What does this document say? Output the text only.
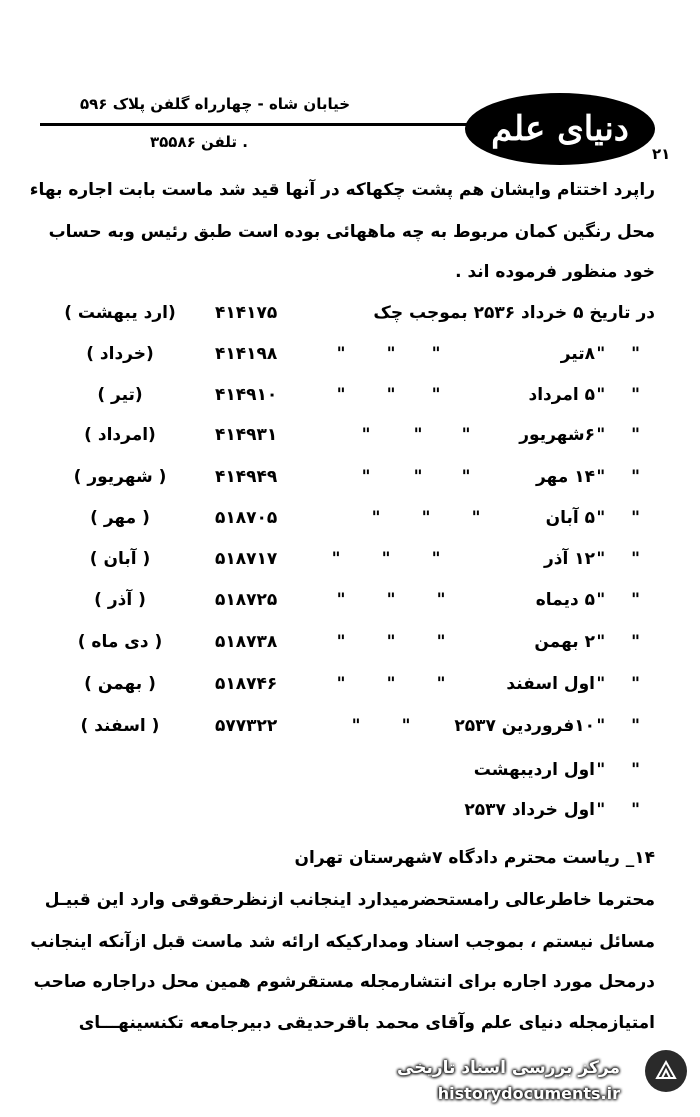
خیابان شاه - چهارراه گلفن پلاک ۵۹۶
. تلفن ۳۵۵۸۶	دنیای علم
۲۱
راپرد اختتام وایشان هم پشت چکهاکه در آنها قید شد ماست بابت اجاره بهاء
محل رنگین کمان مربوط به چه ماههائی بوده است طبق رئیس وبه حساب
خود منظور فرموده اند .
(ارد یبهشت )	۴۱۴۱۷۵	در تاریخ ۵ خرداد ۲۵۳۶ بموجب چک
(خرداد )	۴۱۴۱۹۸	" " "	۸تیر " "
(تیر )	۴۱۴۹۱۰	" " "	۵ امرداد " "
(امرداد )	۴۱۴۹۳۱	"	" "	۶شهریور " "
( شهریور )	۴۱۴۹۴۹	"	" "	۱۴ مهر " "
( مهر )	۵۱۸۷۰۵	" " "	۵ آبان " "
( آبان )	۵۱۸۷۱۷	" " "	۱۲ آذر " "
( آذر )	۵۱۸۷۲۵	" " "	۵ دیماه " "
( دی ماه )	۵۱۸۷۳۸	" " "	۲ بهمن " "
( بهمن )	۵۱۸۷۴۶	" " "	اول اسفند " "
( اسفند )	۵۷۷۳۲۲	" "	۱۰فروردین ۲۵۳۷ " "
اول اردیبهشت " "
اول خرداد ۲۵۳۷ " "
۱۴_ ریاست محترم دادگاه ۷شهرستان تهران
محترما خاطرعالی رامستحضرمیدارد اینجانب ازنظرحقوقی وارد این قبیـل
مسائل نیستم ، بموجب اسناد ومدارکیکه ارائه شد ماست قبل ازآنکه اینجانب
درمحل مورد اجاره برای انتشارمجله مستقرشوم همین محل دراجاره صاحب
امتیازمجله دنیای علم وآقای محمد باقرحدیقی دبیرجامعه تکنسینهـــای
مرکز بررسی اسناد تاریخی
historydocuments.ir
